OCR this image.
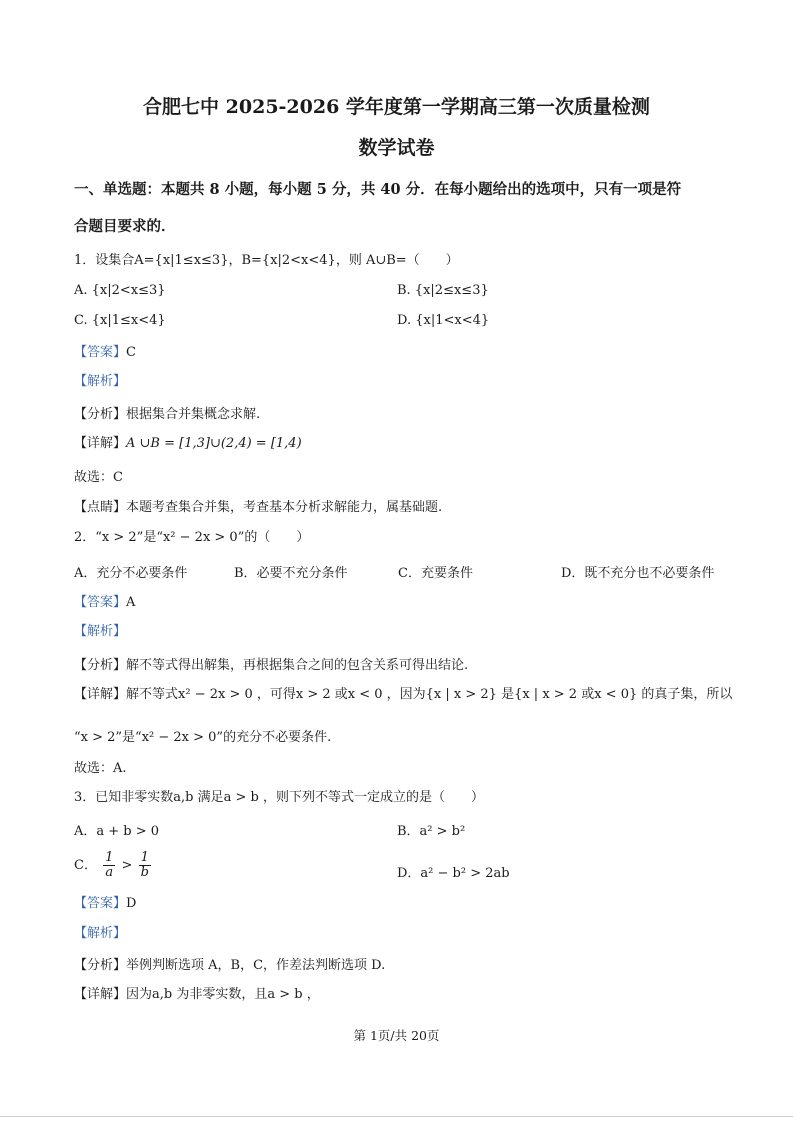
合肥七中 2025-2026 学年度第一学期高三第一次质量检测
数学试卷
一、单选题：本题共 8 小题，每小题 5 分，共 40 分．在每小题给出的选项中，只有一项是符
合题目要求的．
1．设集合A={x|1≤x≤3}，B={x|2<x<4}，则 A∪B=（　　）
A. {x|2<x≤3}	B. {x|2≤x≤3}
C. {x|1≤x<4}	D. {x|1<x<4}
【答案】C
【解析】
【分析】根据集合并集概念求解.
【详解】A ∪B = [1,3]∪(2,4) = [1,4)
故选：C
【点睛】本题考查集合并集，考查基本分析求解能力，属基础题.
2．“x > 2”是“x² − 2x > 0”的（　　）
A．充分不必要条件	B．必要不充分条件	C．充要条件	D．既不充分也不必要条件
【答案】A
【解析】
【分析】解不等式得出解集，再根据集合之间的包含关系可得出结论.
【详解】解不等式x² − 2x > 0 ，可得x > 2 或x < 0 ，因为{x | x > 2} 是{x | x > 2 或x < 0} 的真子集，所以
“x > 2”是“x² − 2x > 0”的充分不必要条件.
故选：A.
3．已知非零实数a,b 满足a > b ，则下列不等式一定成立的是（　　）
A．a + b > 0	B．a² > b²
C． $\frac{1}{a} > \frac{1}{b}$	D．a² − b² > 2ab
【答案】D
【解析】
【分析】举例判断选项 A，B，C，作差法判断选项 D.
【详解】因为a,b 为非零实数，且a > b ，
第 1页/共 20页
